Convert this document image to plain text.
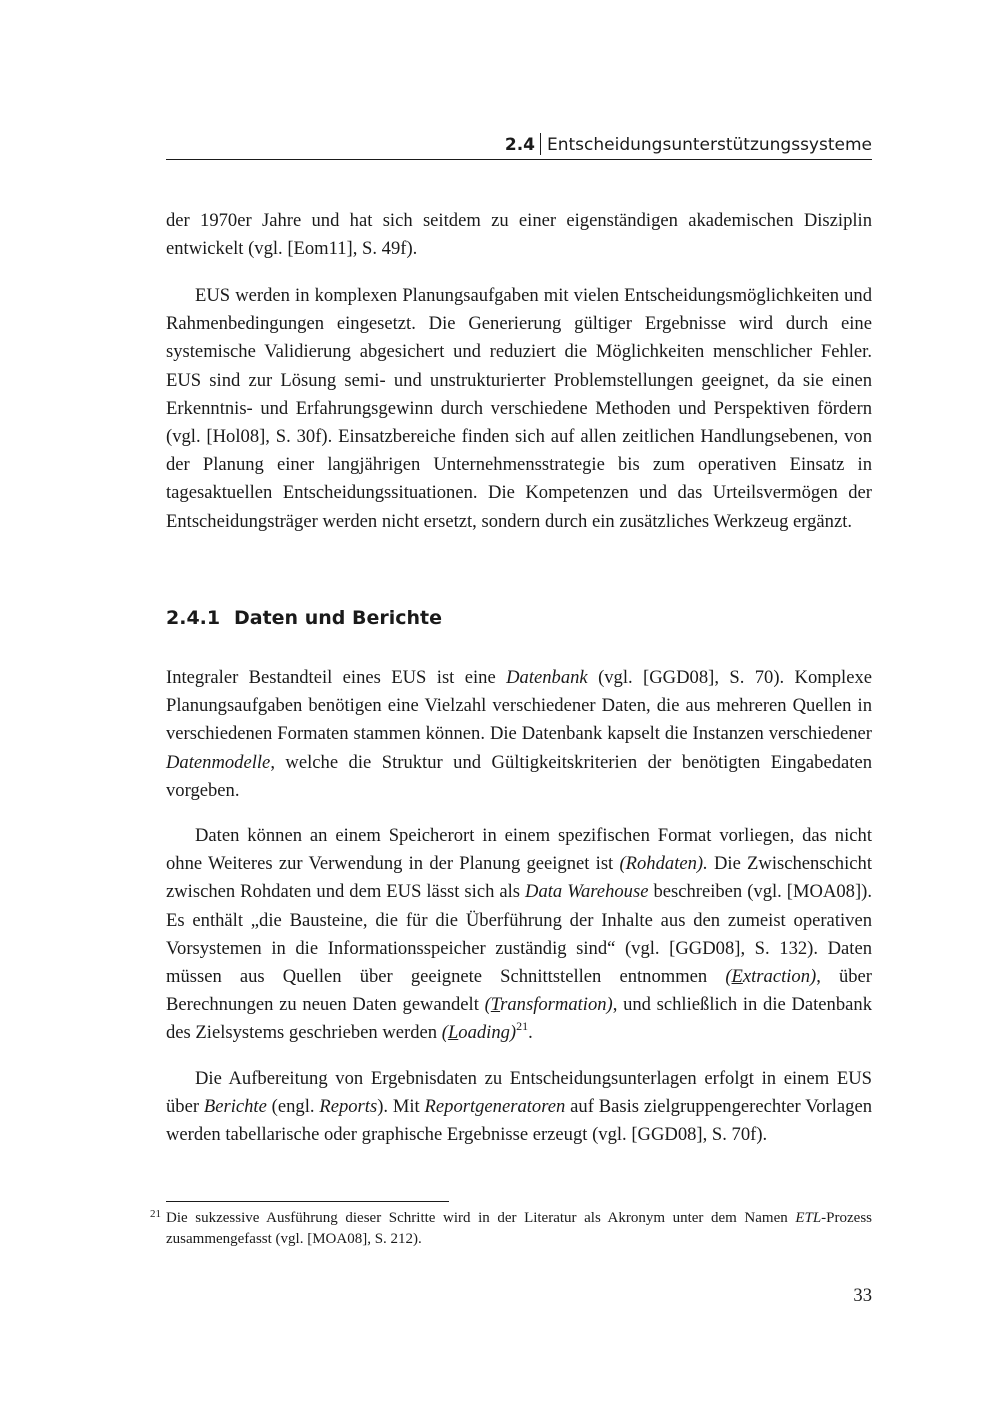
2.4 Entscheidungsunterstützungssysteme

der 1970er Jahre und hat sich seitdem zu einer eigenständigen akademischen Disziplin entwickelt (vgl. [Eom11], S. 49f).

EUS werden in komplexen Planungsaufgaben mit vielen Entscheidungsmöglichkeiten und Rahmenbedingungen eingesetzt. Die Generierung gültiger Ergebnisse wird durch eine systemische Validierung abgesichert und reduziert die Möglichkeiten menschlicher Fehler. EUS sind zur Lösung semi- und unstrukturierter Problemstellungen geeignet, da sie einen Erkenntnis- und Erfahrungsgewinn durch verschiedene Methoden und Perspektiven fördern (vgl. [Hol08], S. 30f). Einsatzbereiche finden sich auf allen zeitlichen Handlungsebenen, von der Planung einer langjährigen Unternehmensstrategie bis zum operativen Einsatz in tagesaktuellen Entscheidungssituationen. Die Kompetenzen und das Urteilsvermögen der Entscheidungsträger werden nicht ersetzt, sondern durch ein zusätzliches Werkzeug ergänzt.

2.4.1 Daten und Berichte

Integraler Bestandteil eines EUS ist eine Datenbank (vgl. [GGD08], S. 70). Komplexe Planungsaufgaben benötigen eine Vielzahl verschiedener Daten, die aus mehreren Quellen in verschiedenen Formaten stammen können. Die Datenbank kapselt die Instanzen verschiedener Datenmodelle, welche die Struktur und Gültigkeitskriterien der benötigten Eingabedaten vorgeben.

Daten können an einem Speicherort in einem spezifischen Format vorliegen, das nicht ohne Weiteres zur Verwendung in der Planung geeignet ist (Rohdaten). Die Zwischenschicht zwischen Rohdaten und dem EUS lässt sich als Data Warehouse beschreiben (vgl. [MOA08]). Es enthält „die Bausteine, die für die Überführung der Inhalte aus den zumeist operativen Vorsystemen in die Informationsspeicher zuständig sind“ (vgl. [GGD08], S. 132). Daten müssen aus Quellen über geeignete Schnittstellen entnommen (Extraction), über Berechnungen zu neuen Daten gewandelt (Transformation), und schließlich in die Datenbank des Zielsystems geschrieben werden (Loading)$^{21}$.

Die Aufbereitung von Ergebnisdaten zu Entscheidungsunterlagen erfolgt in einem EUS über Berichte (engl. Reports). Mit Reportgeneratoren auf Basis zielgruppengerechter Vorlagen werden tabellarische oder graphische Ergebnisse erzeugt (vgl. [GGD08], S. 70f).

21 Die sukzessive Ausführung dieser Schritte wird in der Literatur als Akronym unter dem Namen ETL-Prozess zusammengefasst (vgl. [MOA08], S. 212).
33
